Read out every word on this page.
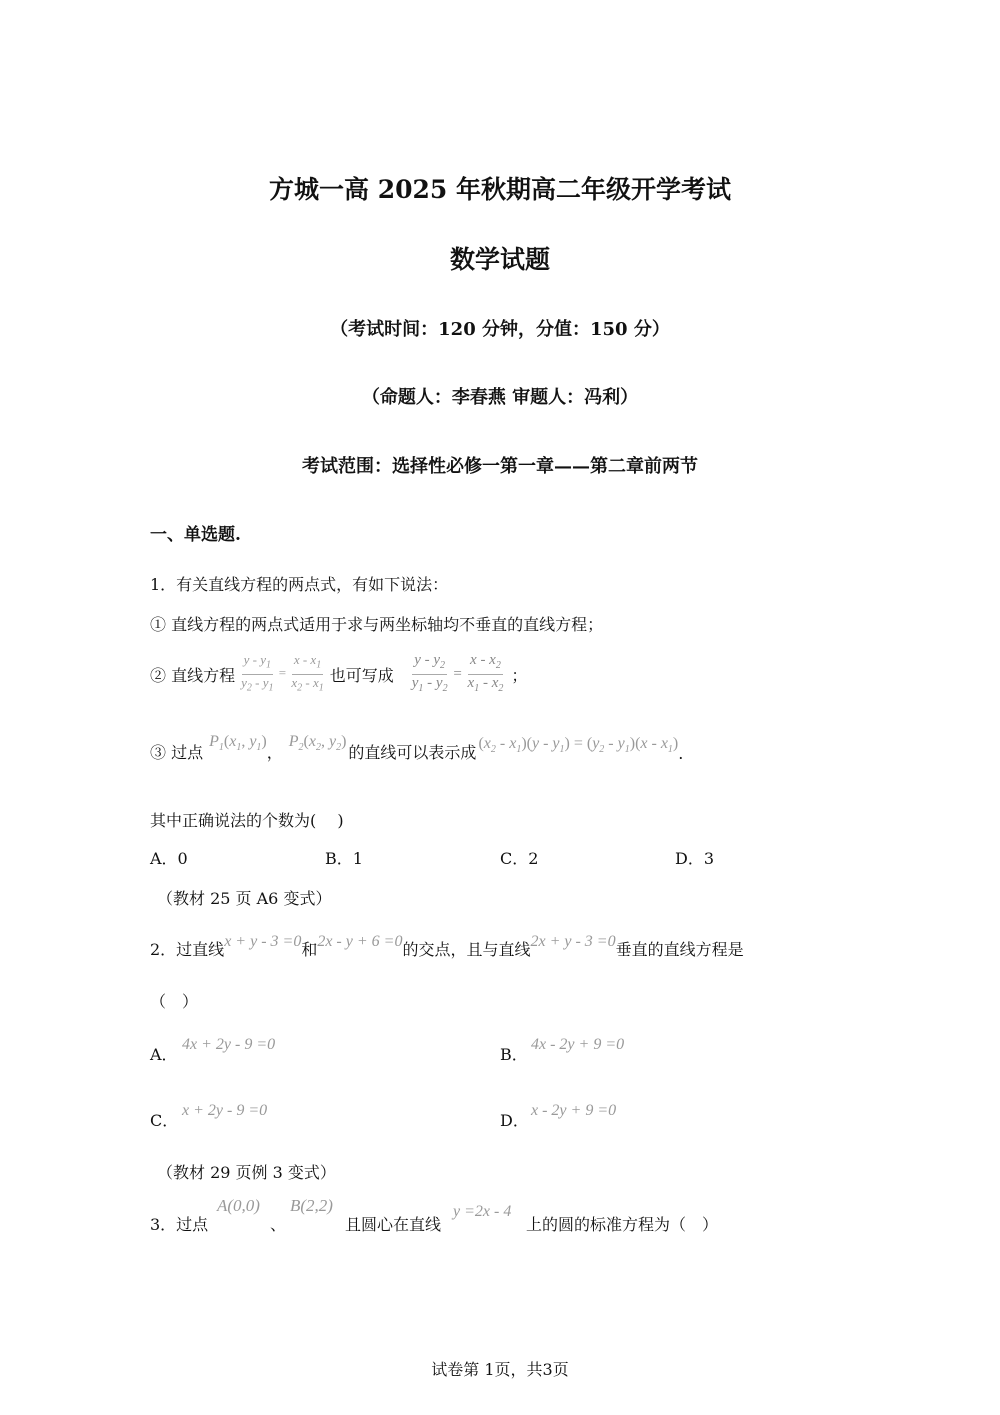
方城一高 2025 年秋期高二年级开学考试
数学试题
（考试时间：120 分钟，分值：150 分）
（命题人：李春燕 审题人：冯利）
考试范围：选择性必修一第一章——第二章前两节
一、单选题.
1．有关直线方程的两点式，有如下说法：
① 直线方程的两点式适用于求与两坐标轴均不垂直的直线方程；
② 直线方程 $\frac{y - y_1}{y_2 - y_1} = \frac{x - x_1}{x_2 - x_1}$ 也可写成 $\frac{y - y_2}{y_1 - y_2} = \frac{x - x_2}{x_1 - x_2}$ ；
③ 过点
$P_1(x_1$, $y_1$)
，
$P_2(x_2$, $y_2$)
的直线可以表示成 $(x_2 - x_1)(y - y_1) = (y_2 - y_1)(x - x_1)$
.
其中正确说法的个数为(　 )
A．0	B．1	C．2	D．3
（教材 25 页 A6 变式）
2．过直线 x + y - 3 =0 和 2x - y + 6 =0 的交点，且与直线 2x + y - 3 =0 垂直的直线方程是
（　）
A．
4x + 2y - 9 =0
B．
4x - 2y + 9 =0
C．
x + 2y - 9 =0
D．
x - 2y + 9 =0
（教材 29 页例 3 变式）
3．过点
A(0,0)
、
B(2,2)
且圆心在直线
y =2x - 4
上的圆的标准方程为（　）
试卷第 1页，共3页
